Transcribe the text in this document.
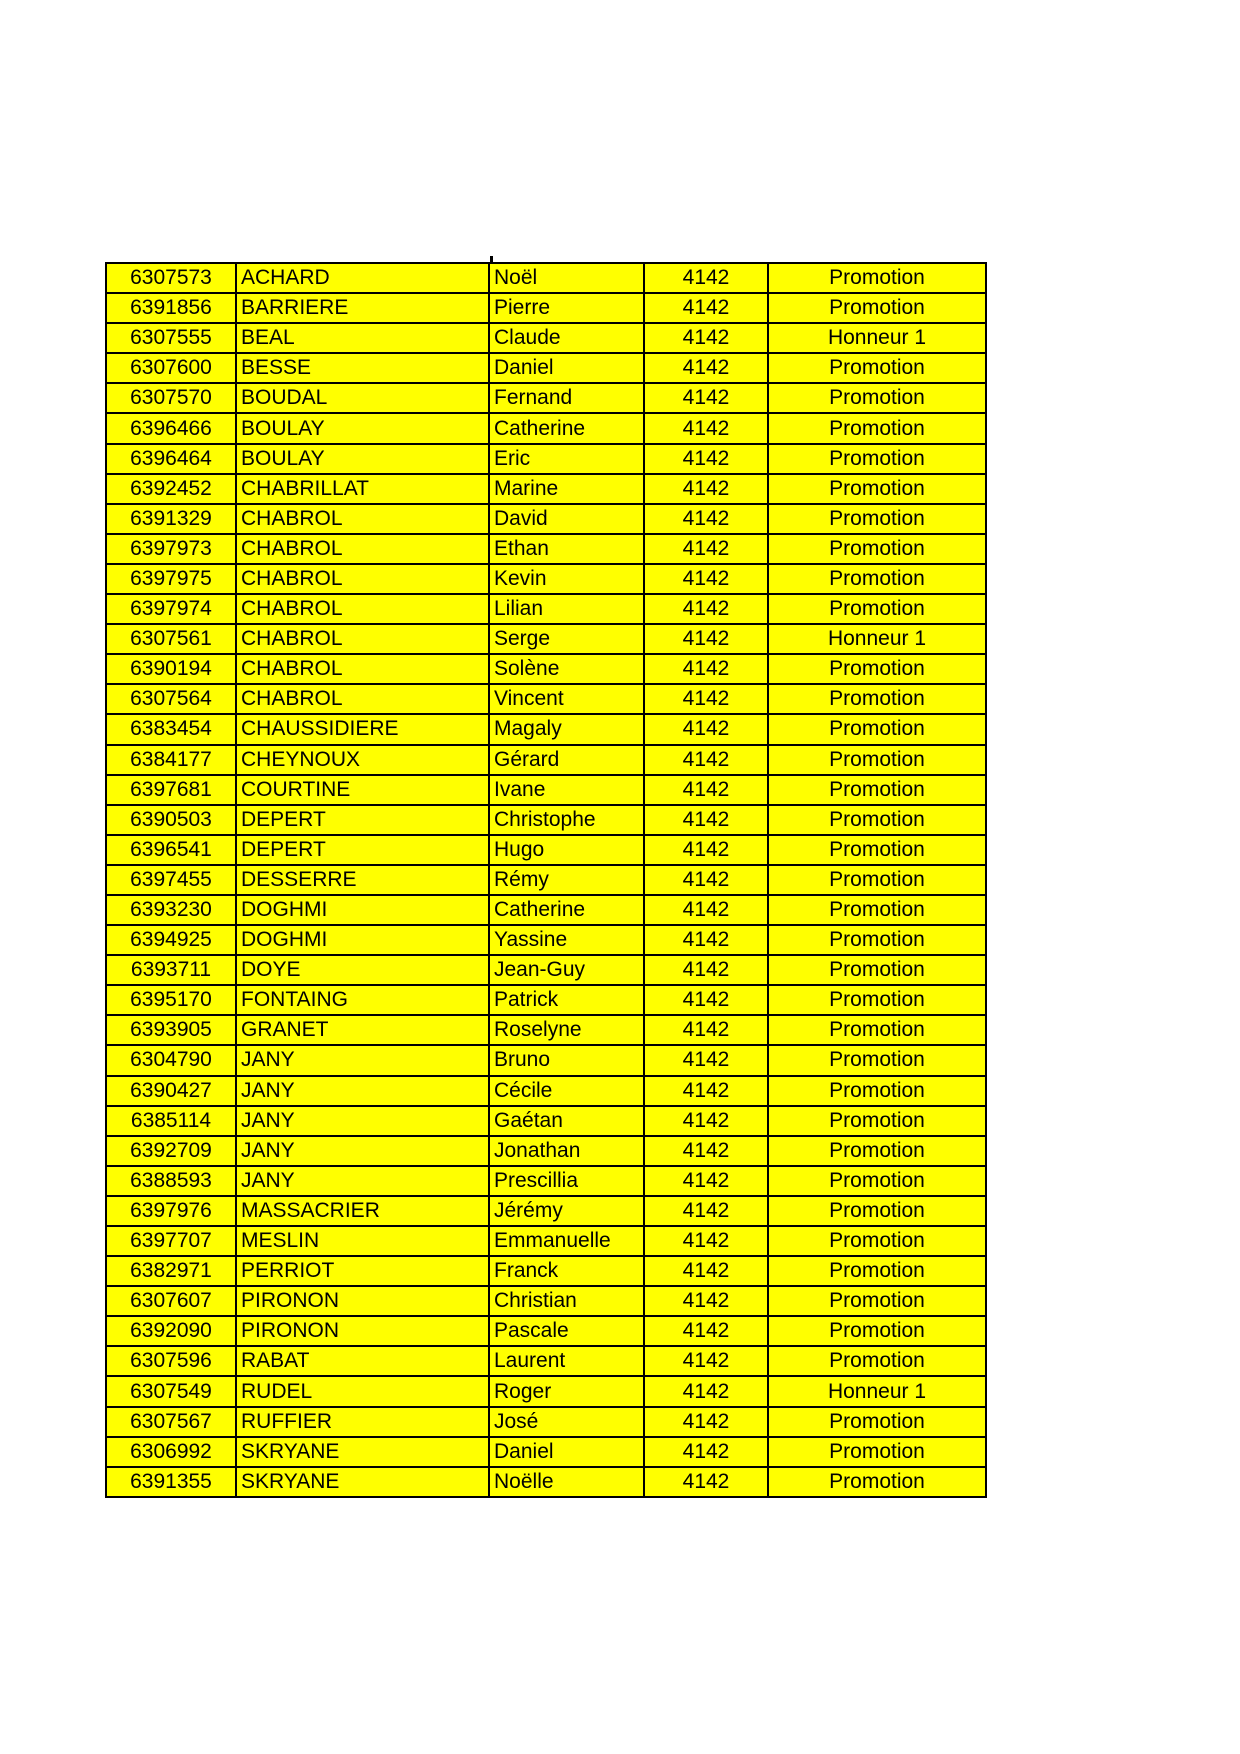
6307573	ACHARD	Noël	4142	Promotion
6391856	BARRIERE	Pierre	4142	Promotion
6307555	BEAL	Claude	4142	Honneur 1
6307600	BESSE	Daniel	4142	Promotion
6307570	BOUDAL	Fernand	4142	Promotion
6396466	BOULAY	Catherine	4142	Promotion
6396464	BOULAY	Eric	4142	Promotion
6392452	CHABRILLAT	Marine	4142	Promotion
6391329	CHABROL	David	4142	Promotion
6397973	CHABROL	Ethan	4142	Promotion
6397975	CHABROL	Kevin	4142	Promotion
6397974	CHABROL	Lilian	4142	Promotion
6307561	CHABROL	Serge	4142	Honneur 1
6390194	CHABROL	Solène	4142	Promotion
6307564	CHABROL	Vincent	4142	Promotion
6383454	CHAUSSIDIERE	Magaly	4142	Promotion
6384177	CHEYNOUX	Gérard	4142	Promotion
6397681	COURTINE	Ivane	4142	Promotion
6390503	DEPERT	Christophe	4142	Promotion
6396541	DEPERT	Hugo	4142	Promotion
6397455	DESSERRE	Rémy	4142	Promotion
6393230	DOGHMI	Catherine	4142	Promotion
6394925	DOGHMI	Yassine	4142	Promotion
6393711	DOYE	Jean-Guy	4142	Promotion
6395170	FONTAING	Patrick	4142	Promotion
6393905	GRANET	Roselyne	4142	Promotion
6304790	JANY	Bruno	4142	Promotion
6390427	JANY	Cécile	4142	Promotion
6385114	JANY	Gaétan	4142	Promotion
6392709	JANY	Jonathan	4142	Promotion
6388593	JANY	Prescillia	4142	Promotion
6397976	MASSACRIER	Jérémy	4142	Promotion
6397707	MESLIN	Emmanuelle	4142	Promotion
6382971	PERRIOT	Franck	4142	Promotion
6307607	PIRONON	Christian	4142	Promotion
6392090	PIRONON	Pascale	4142	Promotion
6307596	RABAT	Laurent	4142	Promotion
6307549	RUDEL	Roger	4142	Honneur 1
6307567	RUFFIER	José	4142	Promotion
6306992	SKRYANE	Daniel	4142	Promotion
6391355	SKRYANE	Noëlle	4142	Promotion
